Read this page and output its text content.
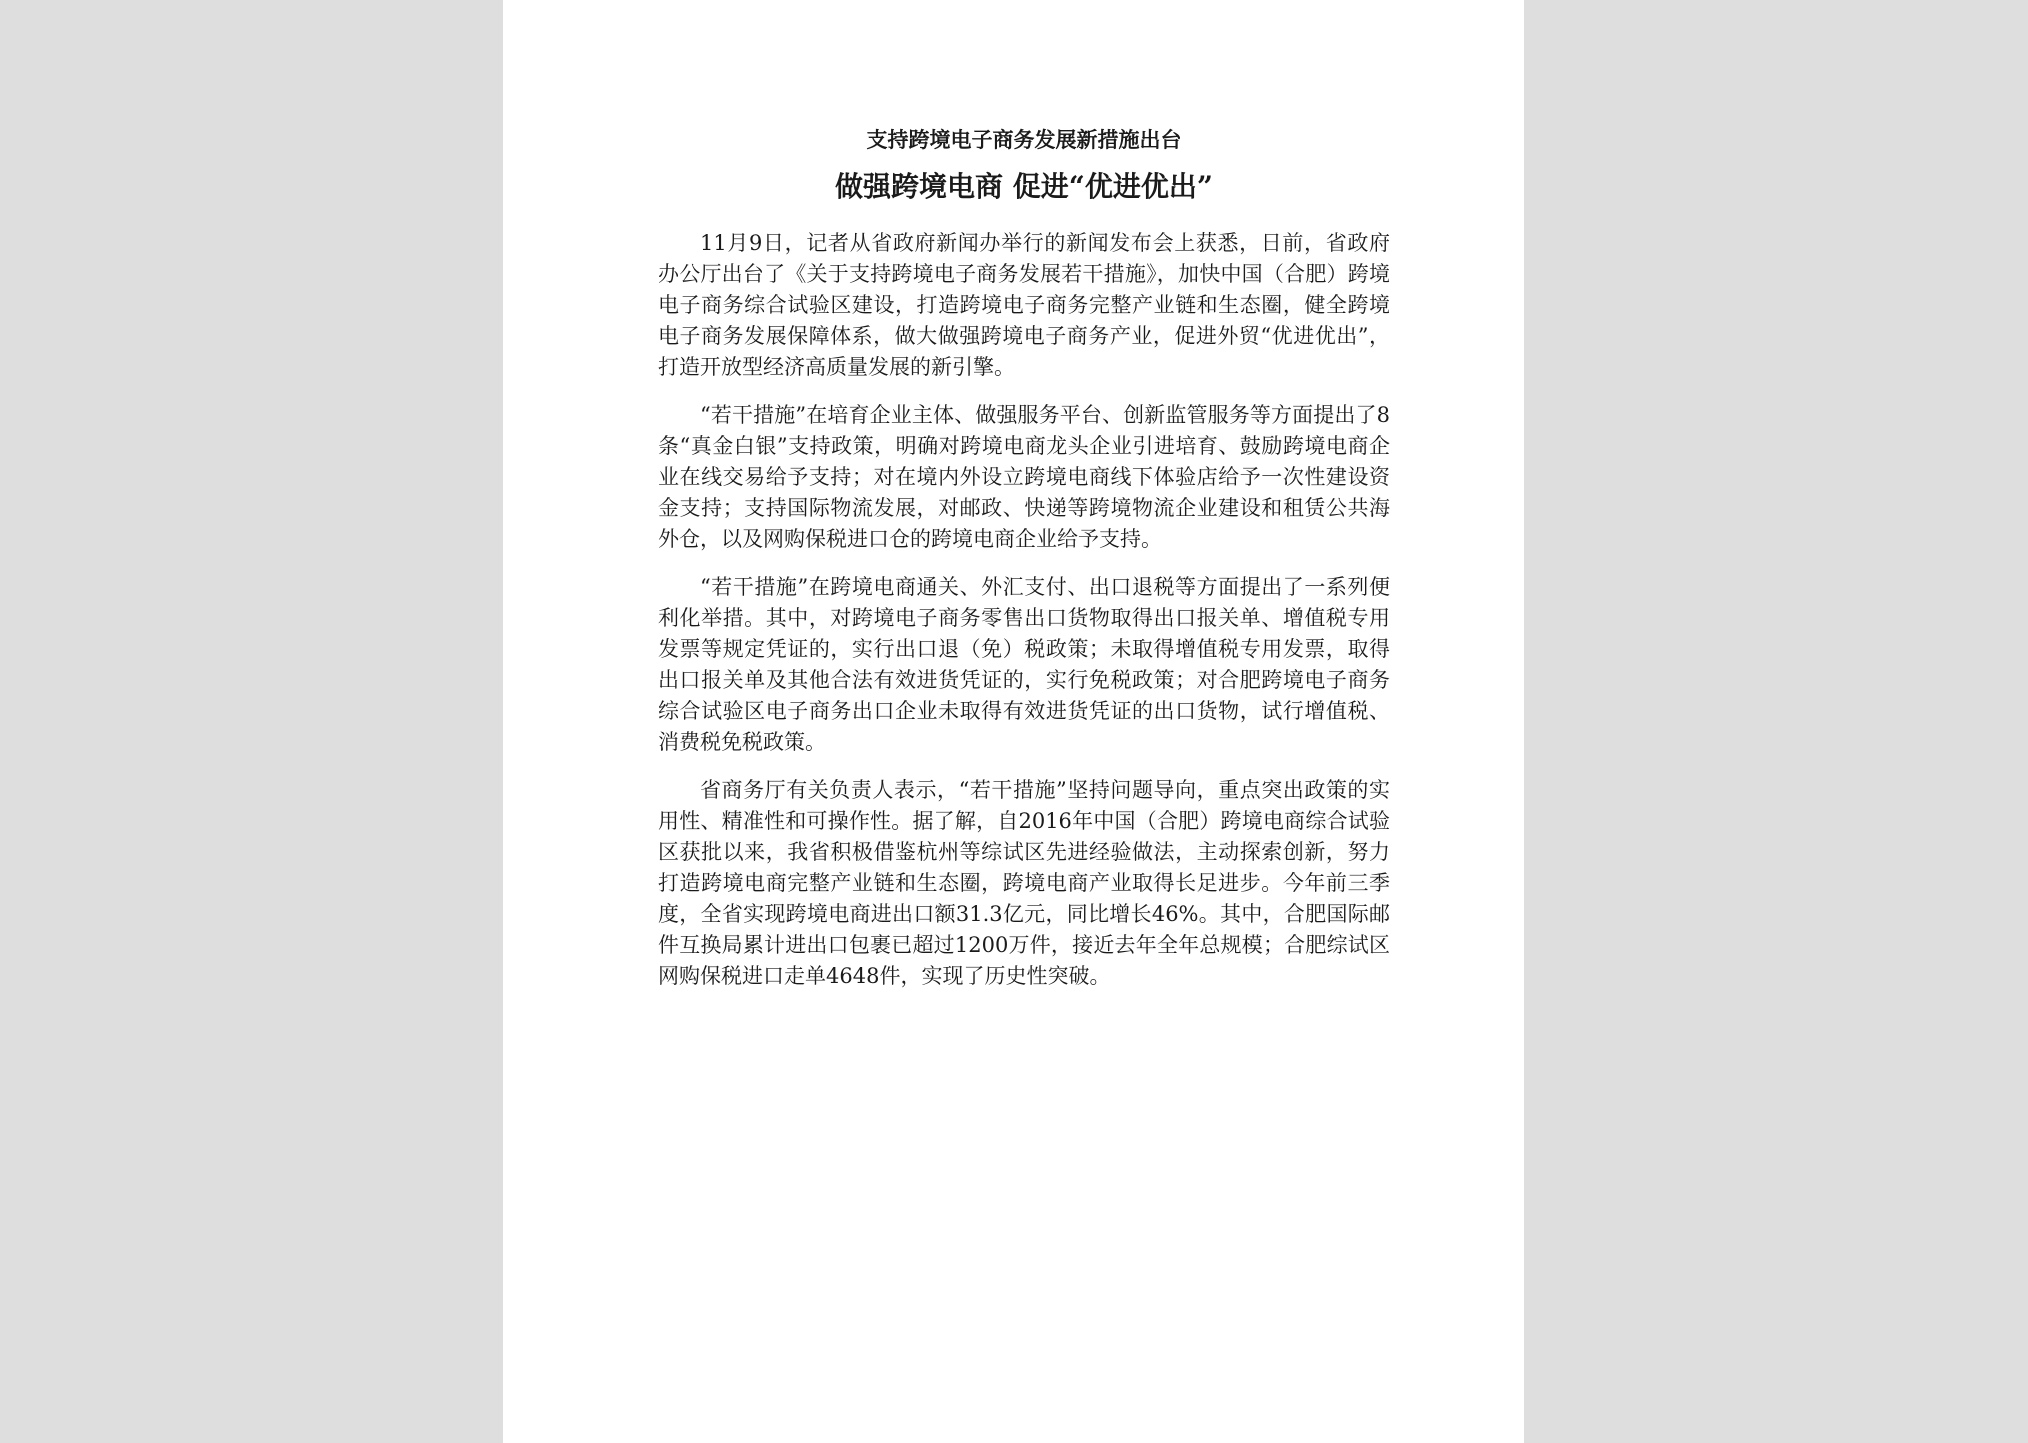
支持跨境电子商务发展新措施出台
做强跨境电商 促进“优进优出”

11月9日，记者从省政府新闻办举行的新闻发布会上获悉，日前，省政府办公厅出台了《关于支持跨境电子商务发展若干措施》，加快中国（合肥）跨境电子商务综合试验区建设，打造跨境电子商务完整产业链和生态圈，健全跨境电子商务发展保障体系，做大做强跨境电子商务产业，促进外贸“优进优出”，打造开放型经济高质量发展的新引擎。

“若干措施”在培育企业主体、做强服务平台、创新监管服务等方面提出了8条“真金白银”支持政策，明确对跨境电商龙头企业引进培育、鼓励跨境电商企业在线交易给予支持；对在境内外设立跨境电商线下体验店给予一次性建设资金支持；支持国际物流发展，对邮政、快递等跨境物流企业建设和租赁公共海外仓，以及网购保税进口仓的跨境电商企业给予支持。

“若干措施”在跨境电商通关、外汇支付、出口退税等方面提出了一系列便利化举措。其中，对跨境电子商务零售出口货物取得出口报关单、增值税专用发票等规定凭证的，实行出口退（免）税政策；未取得增值税专用发票，取得出口报关单及其他合法有效进货凭证的，实行免税政策；对合肥跨境电子商务综合试验区电子商务出口企业未取得有效进货凭证的出口货物，试行增值税、消费税免税政策。

省商务厅有关负责人表示，“若干措施”坚持问题导向，重点突出政策的实用性、精准性和可操作性。据了解，自2016年中国（合肥）跨境电商综合试验区获批以来，我省积极借鉴杭州等综试区先进经验做法，主动探索创新，努力打造跨境电商完整产业链和生态圈，跨境电商产业取得长足进步。今年前三季度，全省实现跨境电商进出口额31.3亿元，同比增长46%。其中，合肥国际邮件互换局累计进出口包裹已超过1200万件，接近去年全年总规模；合肥综试区网购保税进口走单4648件，实现了历史性突破。
